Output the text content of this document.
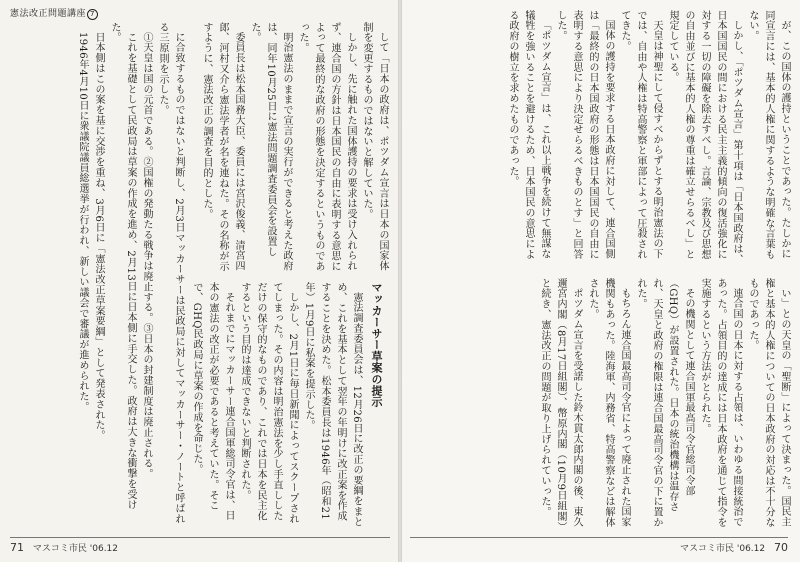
憲法改正問題講座 7

して「日本の政府は、ポツダム宣言は日本の国家体制を変更するものではないと解していた。

しかし、先に触れた国体護持の要求は受け入れられず、連合国の方針は日本国民の自由に表明する意思によって最終的な政府の形態を決定するというものであった。

明治憲法のままで宣言の実行ができると考えた政府は、同年10月25日に憲法問題調査委員会を設置した。

委員長は松本国務大臣、委員には宮沢俊義、清宮四郎、河村又介ら憲法学者が名を連ねた。その名称が示すように、憲法改正の調査を目的とした。

マッカーサー草案の提示

憲法調査委員会は、12月26日に改正の要綱をまとめ、これを基本として翌年の年明けに改正案を作成することを決めた。松本委員長は1946年（昭和21年）1月9日に私案を提示した。

しかし、2月1日に毎日新聞によってスクープされてしまった。その内容は明治憲法を少し手直ししただけの保守的なものであり、これでは日本を民主化するという目的は達成できないと判断された。

それまでにマッカーサー連合国軍総司令官は、日本の憲法の改正が必要であると考えていた。そこで、GHQ民政局に草案の作成を命じた。

に合致するものではないと判断し、2月3日マッカーサーは民政局に対してマッカーサー・ノートと呼ばれる三原則を示した。

①天皇は国の元首である。②国権の発動たる戦争は廃止する。③日本の封建制度は廃止される。

これを基礎として民政局は草案の作成を進め、2月13日に日本側に手交した。政府は大きな衝撃を受けた。

日本側はこの案を基に交渉を重ね、3月6日に「憲法改正草案要綱」として発表された。

1946年4月10日に衆議院議員総選挙が行われ、新しい議会で審議が進められた。

71 マスコミ市民 '06.12

が、この国体の護持ということであった。たしかに同宣言には、基本的人権に関するような明確な言葉もない。

しかし、「ポツダム宣言」第十項は「日本国政府は、日本国国民の間における民主主義的傾向の復活強化に対する一切の障礙を除去すべし。言論、宗教及び思想の自由並びに基本的人権の尊重は確立せらるべし」と規定している。

天皇は神聖にして侵すべからずとする明治憲法の下では、自由や人権は特高警察と軍部によって圧殺されてきた。

国体の護持を要求する日本政府に対して、連合国側は「最終的の日本国政府の形態は日本国国民の自由に表明する意思により決定せらるべきものとす」と回答した。

「ポツダム宣言」は、これ以上戦争を続けて無謀な犠牲を強いることを避けるため、日本国民の意思による政府の樹立を求めたものであった。

い」との天皇の「聖断」によって決まった。国民主権と基本的人権についての日本政府の対応は不十分なものであった。

連合国の日本に対する占領は、いわゆる間接統治であった。占領目的の達成には日本政府を通じて指令を実施するという方法がとられた。

その機関として連合国軍最高司令官総司令部（GHQ）が設置された。日本の統治機構は温存され、天皇と政府の権限は連合国最高司令官の下に置かれた。

もちろん連合国最高司令官によって廃止された国家機関もあった。陸海軍、内務省、特高警察などは解体された。

ポツダム宣言を受諾した鈴木貫太郎内閣の後、東久邇宮内閣（8月17日組閣）、幣原内閣（10月9日組閣）と続き、憲法改正の問題が取り上げられていった。

マスコミ市民 '06.12 70
